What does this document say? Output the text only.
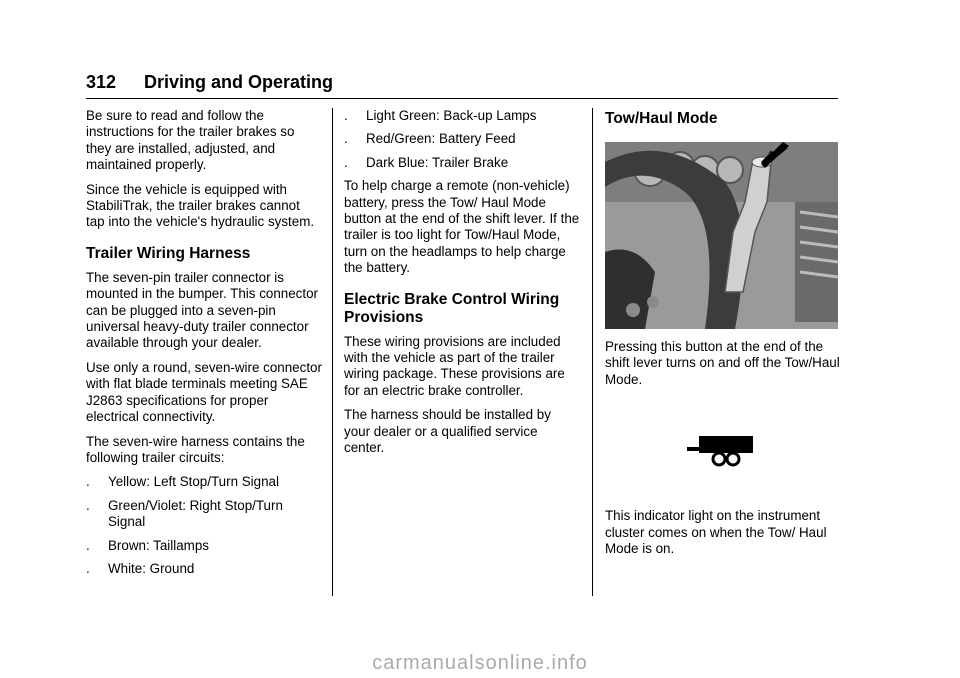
312 Driving and Operating

Be sure to read and follow the instructions for the trailer brakes so they are installed, adjusted, and maintained properly.

Since the vehicle is equipped with StabiliTrak, the trailer brakes cannot tap into the vehicle's hydraulic system.

Trailer Wiring Harness

The seven-pin trailer connector is mounted in the bumper. This connector can be plugged into a seven-pin universal heavy-duty trailer connector available through your dealer.

Use only a round, seven-wire connector with flat blade terminals meeting SAE J2863 specifications for proper electrical connectivity.

The seven-wire harness contains the following trailer circuits:

. Yellow: Left Stop/Turn Signal
. Green/Violet: Right Stop/Turn Signal
. Brown: Taillamps
. White: Ground
. Light Green: Back-up Lamps
. Red/Green: Battery Feed
. Dark Blue: Trailer Brake

To help charge a remote (non-vehicle) battery, press the Tow/ Haul Mode button at the end of the shift lever. If the trailer is too light for Tow/Haul Mode, turn on the headlamps to help charge the battery.

Electric Brake Control Wiring Provisions

These wiring provisions are included with the vehicle as part of the trailer wiring package. These provisions are for an electric brake controller.

The harness should be installed by your dealer or a qualified service center.

Tow/Haul Mode

Pressing this button at the end of the shift lever turns on and off the Tow/Haul Mode.

This indicator light on the instrument cluster comes on when the Tow/ Haul Mode is on.

carmanualsonline.info
